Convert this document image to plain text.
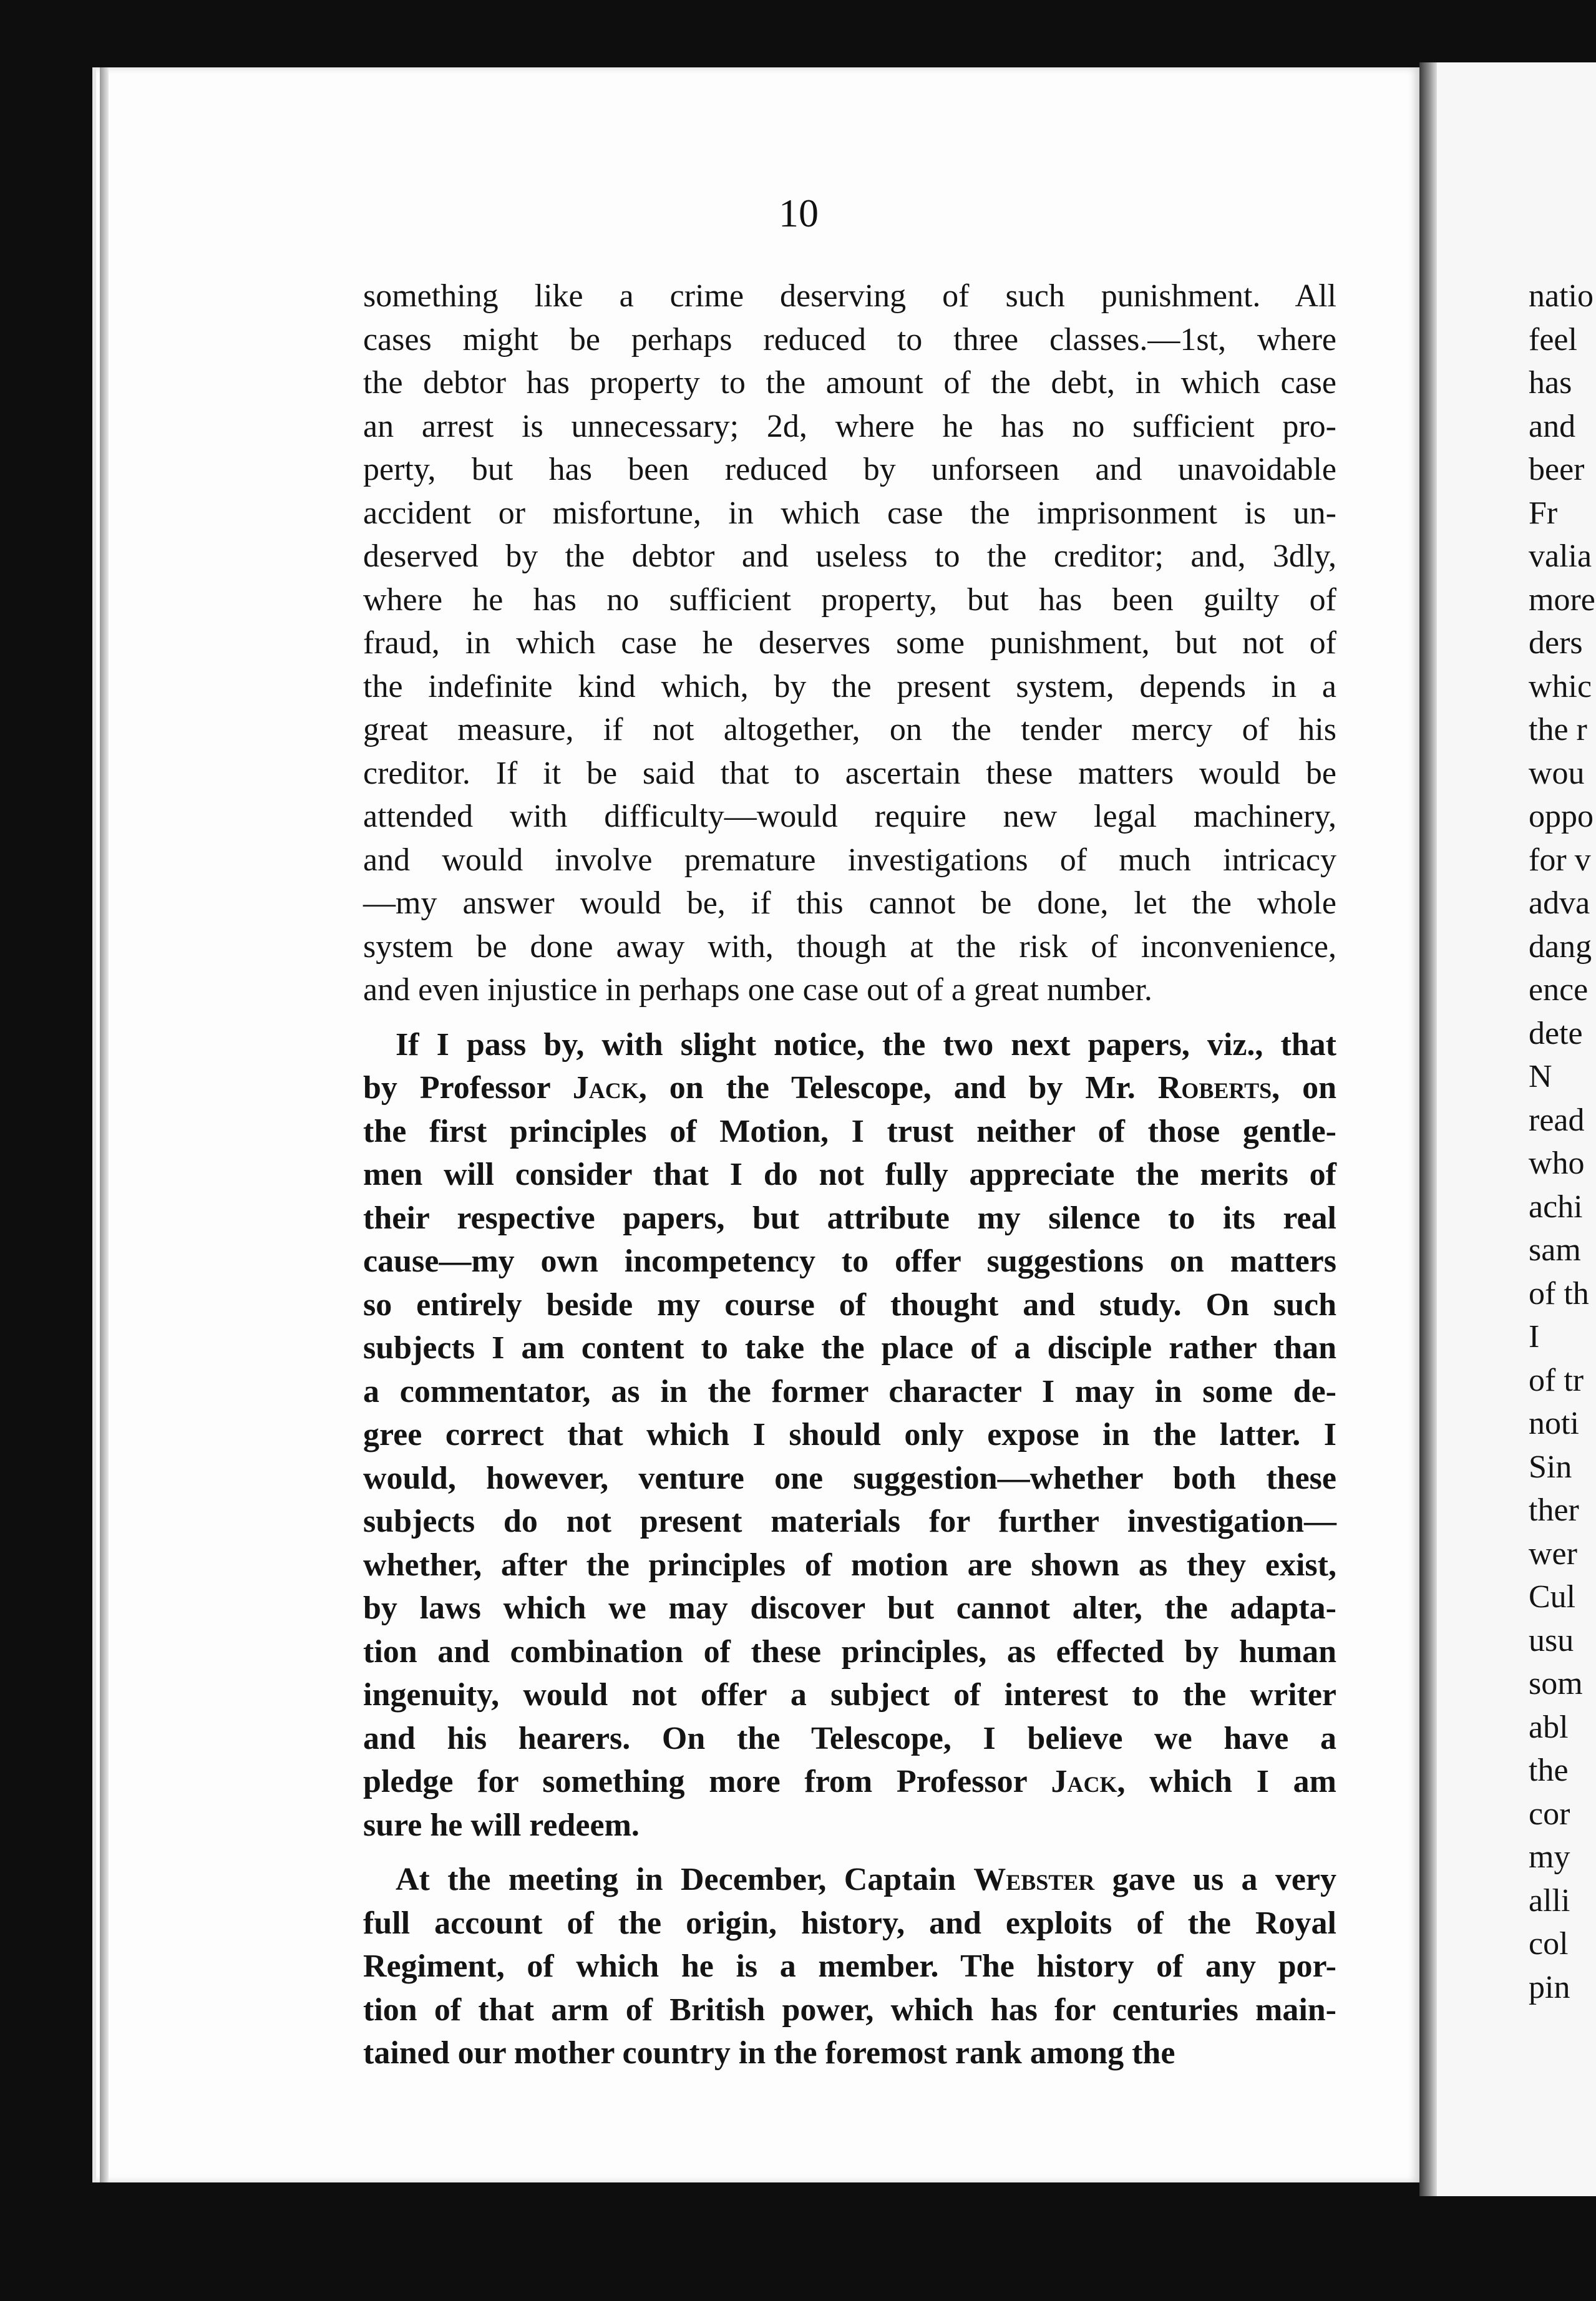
10
something like a crime deserving of such punishment. All
cases might be perhaps reduced to three classes.—1st, where
the debtor has property to the amount of the debt, in which case
an arrest is unnecessary; 2d, where he has no sufficient pro-
perty, but has been reduced by unforseen and unavoidable
accident or misfortune, in which case the imprisonment is un-
deserved by the debtor and useless to the creditor; and, 3dly,
where he has no sufficient property, but has been guilty of
fraud, in which case he deserves some punishment, but not of
the indefinite kind which, by the present system, depends in a
great measure, if not altogether, on the tender mercy of his
creditor. If it be said that to ascertain these matters would be
attended with difficulty—would require new legal machinery,
and would involve premature investigations of much intricacy
—my answer would be, if this cannot be done, let the whole
system be done away with, though at the risk of inconvenience,
and even injustice in perhaps one case out of a great number.
If I pass by, with slight notice, the two next papers, viz., that
by Professor Jack, on the Telescope, and by Mr. Roberts, on
the first principles of Motion, I trust neither of those gentle-
men will consider that I do not fully appreciate the merits of
their respective papers, but attribute my silence to its real
cause—my own incompetency to offer suggestions on matters
so entirely beside my course of thought and study. On such
subjects I am content to take the place of a disciple rather than
a commentator, as in the former character I may in some de-
gree correct that which I should only expose in the latter. I
would, however, venture one suggestion—whether both these
subjects do not present materials for further investigation—
whether, after the principles of motion are shown as they exist,
by laws which we may discover but cannot alter, the adapta-
tion and combination of these principles, as effected by human
ingenuity, would not offer a subject of interest to the writer
and his hearers. On the Telescope, I believe we have a
pledge for something more from Professor Jack, which I am
sure he will redeem.
At the meeting in December, Captain Webster gave us a very
full account of the origin, history, and exploits of the Royal
Regiment, of which he is a member. The history of any por-
tion of that arm of British power, which has for centuries main-
tained our mother country in the foremost rank among the
natio
feel
has
and
beer
Fr
valia
more
ders
whic
the r
wou
oppo
for v
adva
dang
ence
dete
N
read
who
achi
sam
of th
I
of tr
noti
Sin
ther
wer
Cul
usu
som
abl
the
cor
my
alli
col
pin
